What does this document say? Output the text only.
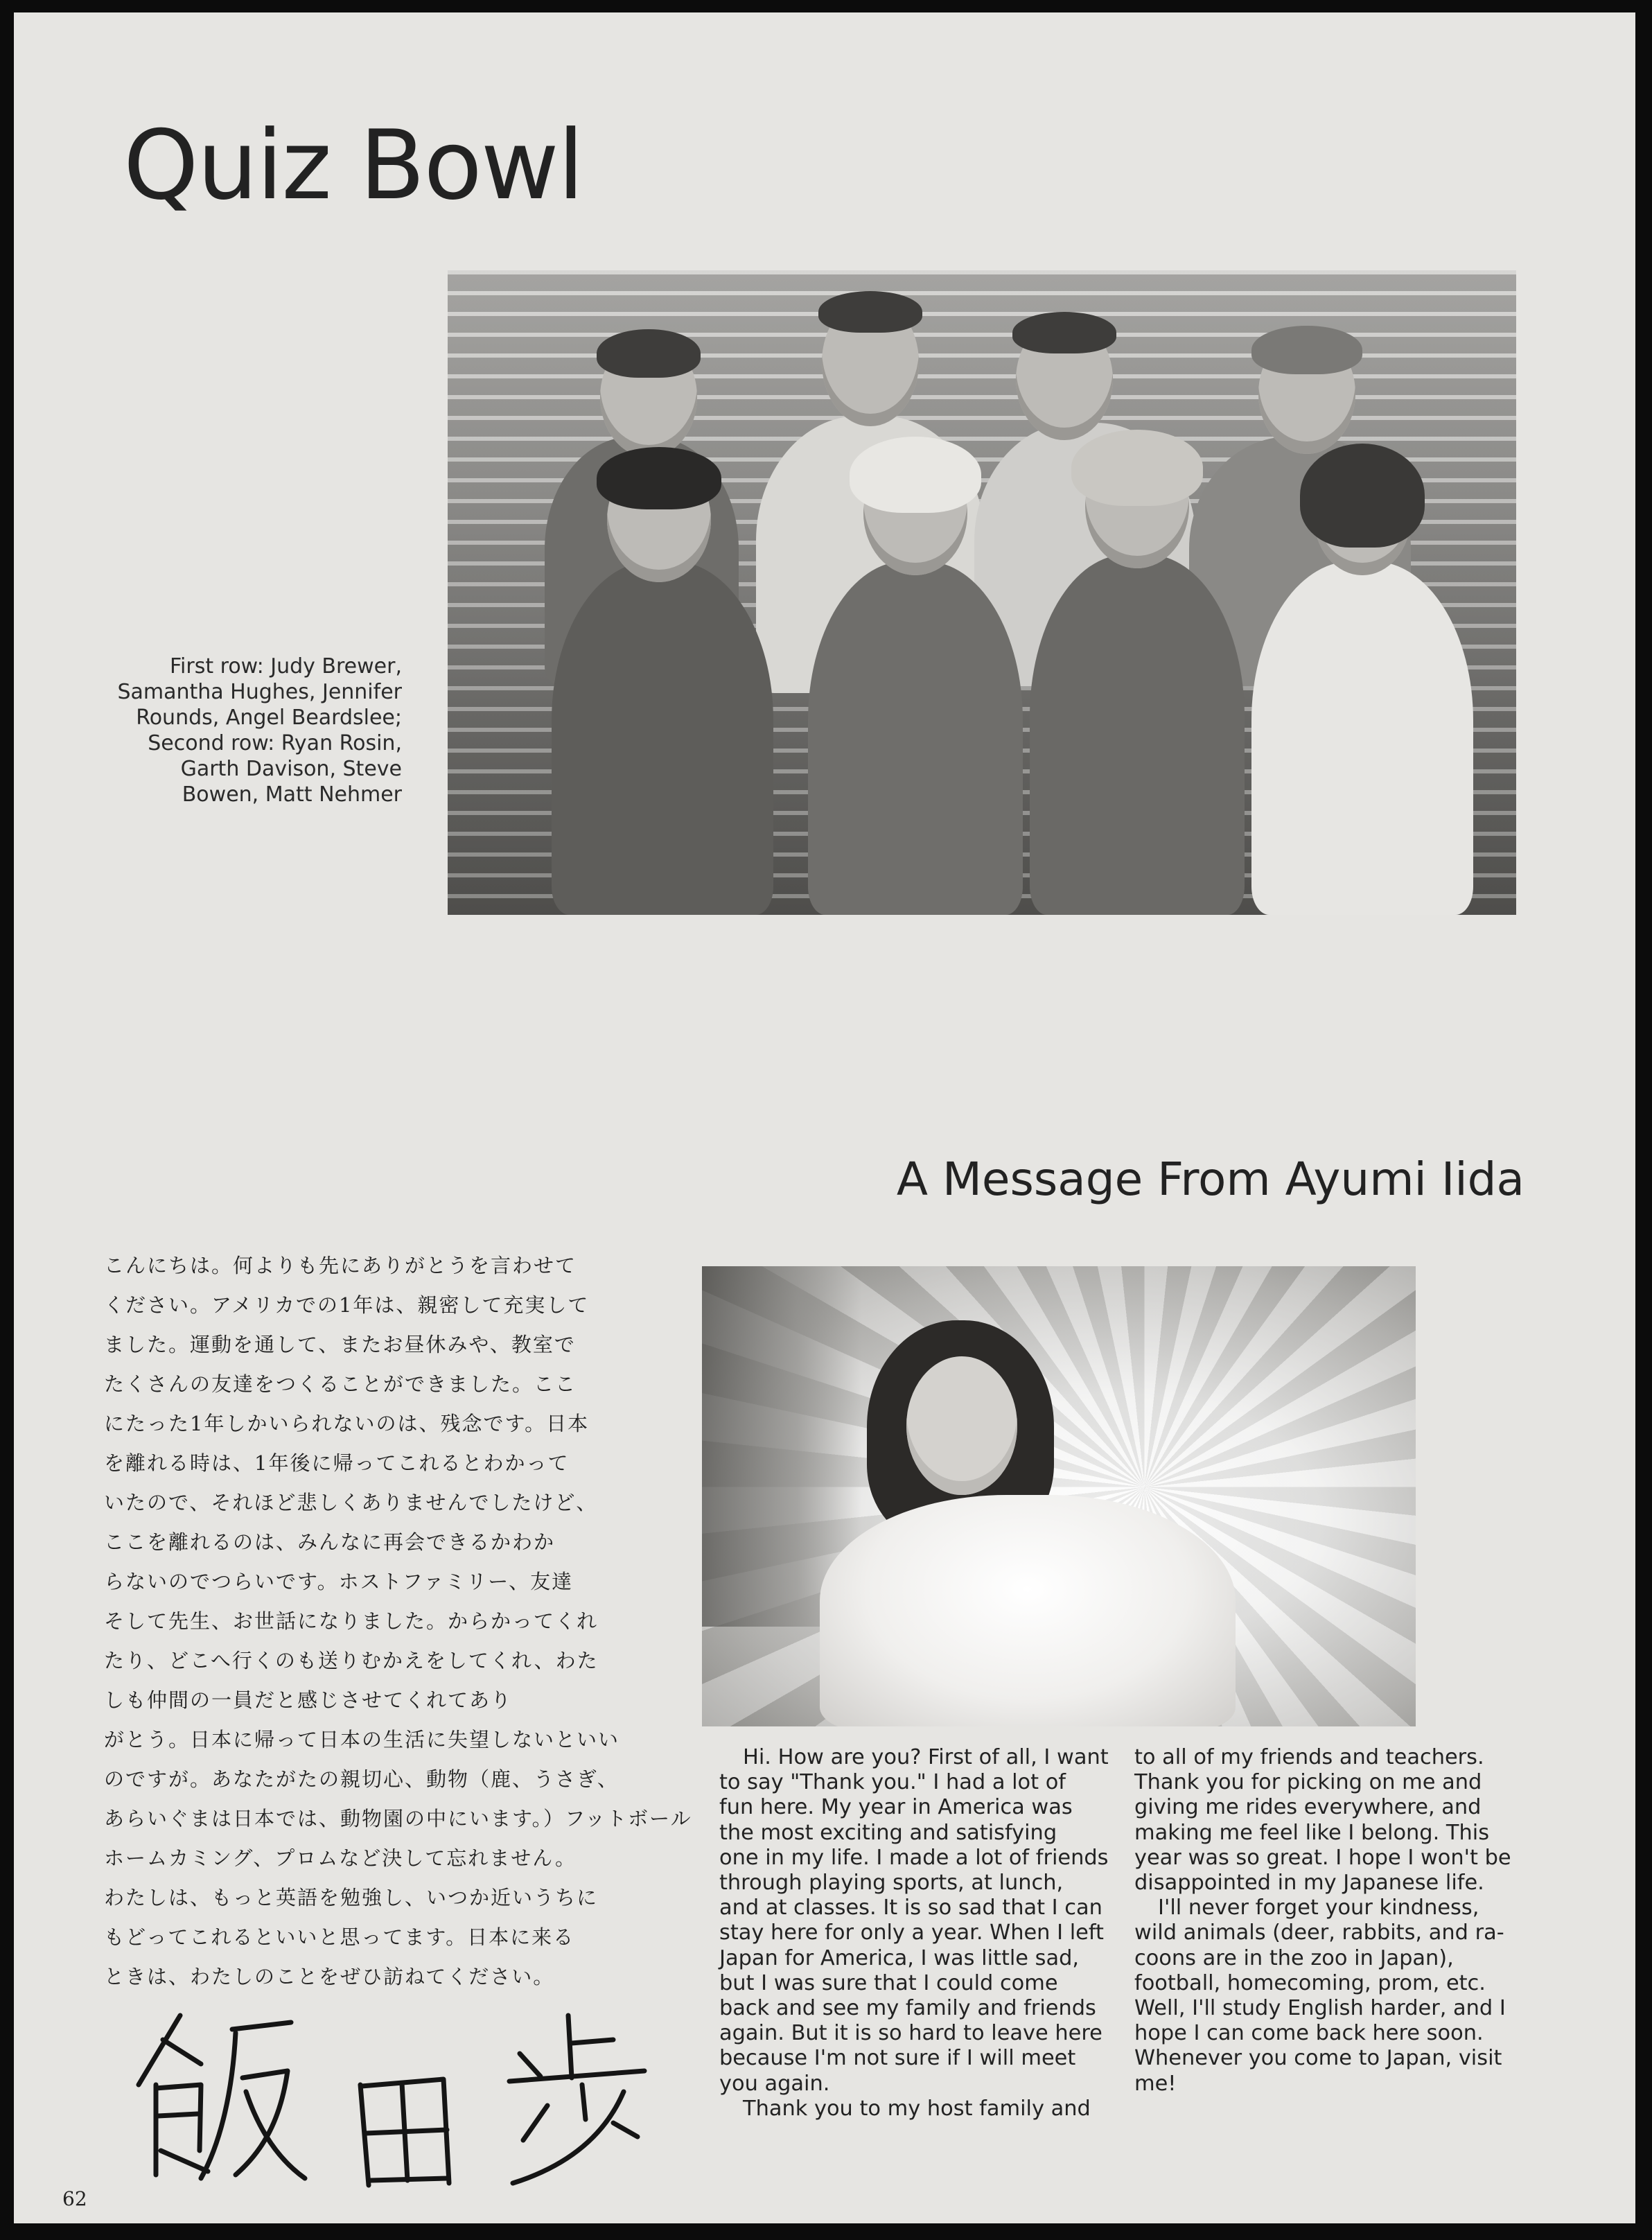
Quiz Bowl
First row: Judy Brewer,
Samantha Hughes, Jennifer
Rounds, Angel Beardslee;
Second row: Ryan Rosin,
Garth Davison, Steve
Bowen, Matt Nehmer
A Message From Ayumi Iida
こんにちは。何よりも先にありがとうを言わせて
ください。アメリカでの1年は、親密して充実して
ました。運動を通して、またお昼休みや、教室で
たくさんの友達をつくることができました。ここ
にたった1年しかいられないのは、残念です。日本
を離れる時は、1年後に帰ってこれるとわかって
いたので、それほど悲しくありませんでしたけど、
ここを離れるのは、みんなに再会できるかわか
らないのでつらいです。ホストファミリー、友達
そして先生、お世話になりました。からかってくれ
たり、どこへ行くのも送りむかえをしてくれ、わた
しも仲間の一員だと感じさせてくれてあり
がとう。日本に帰って日本の生活に失望しないといい
のですが。あなたがたの親切心、動物（鹿、うさぎ、
あらいぐまは日本では、動物園の中にいます。）フットボール
ホームカミング、プロムなど決して忘れません。
わたしは、もっと英語を勉強し、いつか近いうちに
もどってこれるといいと思ってます。日本に来る
ときは、わたしのことをぜひ訪ねてください。
Hi. How are you? First of all, I want
to say "Thank you." I had a lot of
fun here. My year in America was
the most exciting and satisfying
one in my life. I made a lot of friends
through playing sports, at lunch,
and at classes. It is so sad that I can
stay here for only a year. When I left
Japan for America, I was little sad,
but I was sure that I could come
back and see my family and friends
again. But it is so hard to leave here
because I'm not sure if I will meet
you again.
Thank you to my host family and
to all of my friends and teachers.
Thank you for picking on me and
giving me rides everywhere, and
making me feel like I belong. This
year was so great. I hope I won't be
disappointed in my Japanese life.
I'll never forget your kindness,
wild animals (deer, rabbits, and ra-
coons are in the zoo in Japan),
football, homecoming, prom, etc.
Well, I'll study English harder, and I
hope I can come back here soon.
Whenever you come to Japan, visit
me!
62
